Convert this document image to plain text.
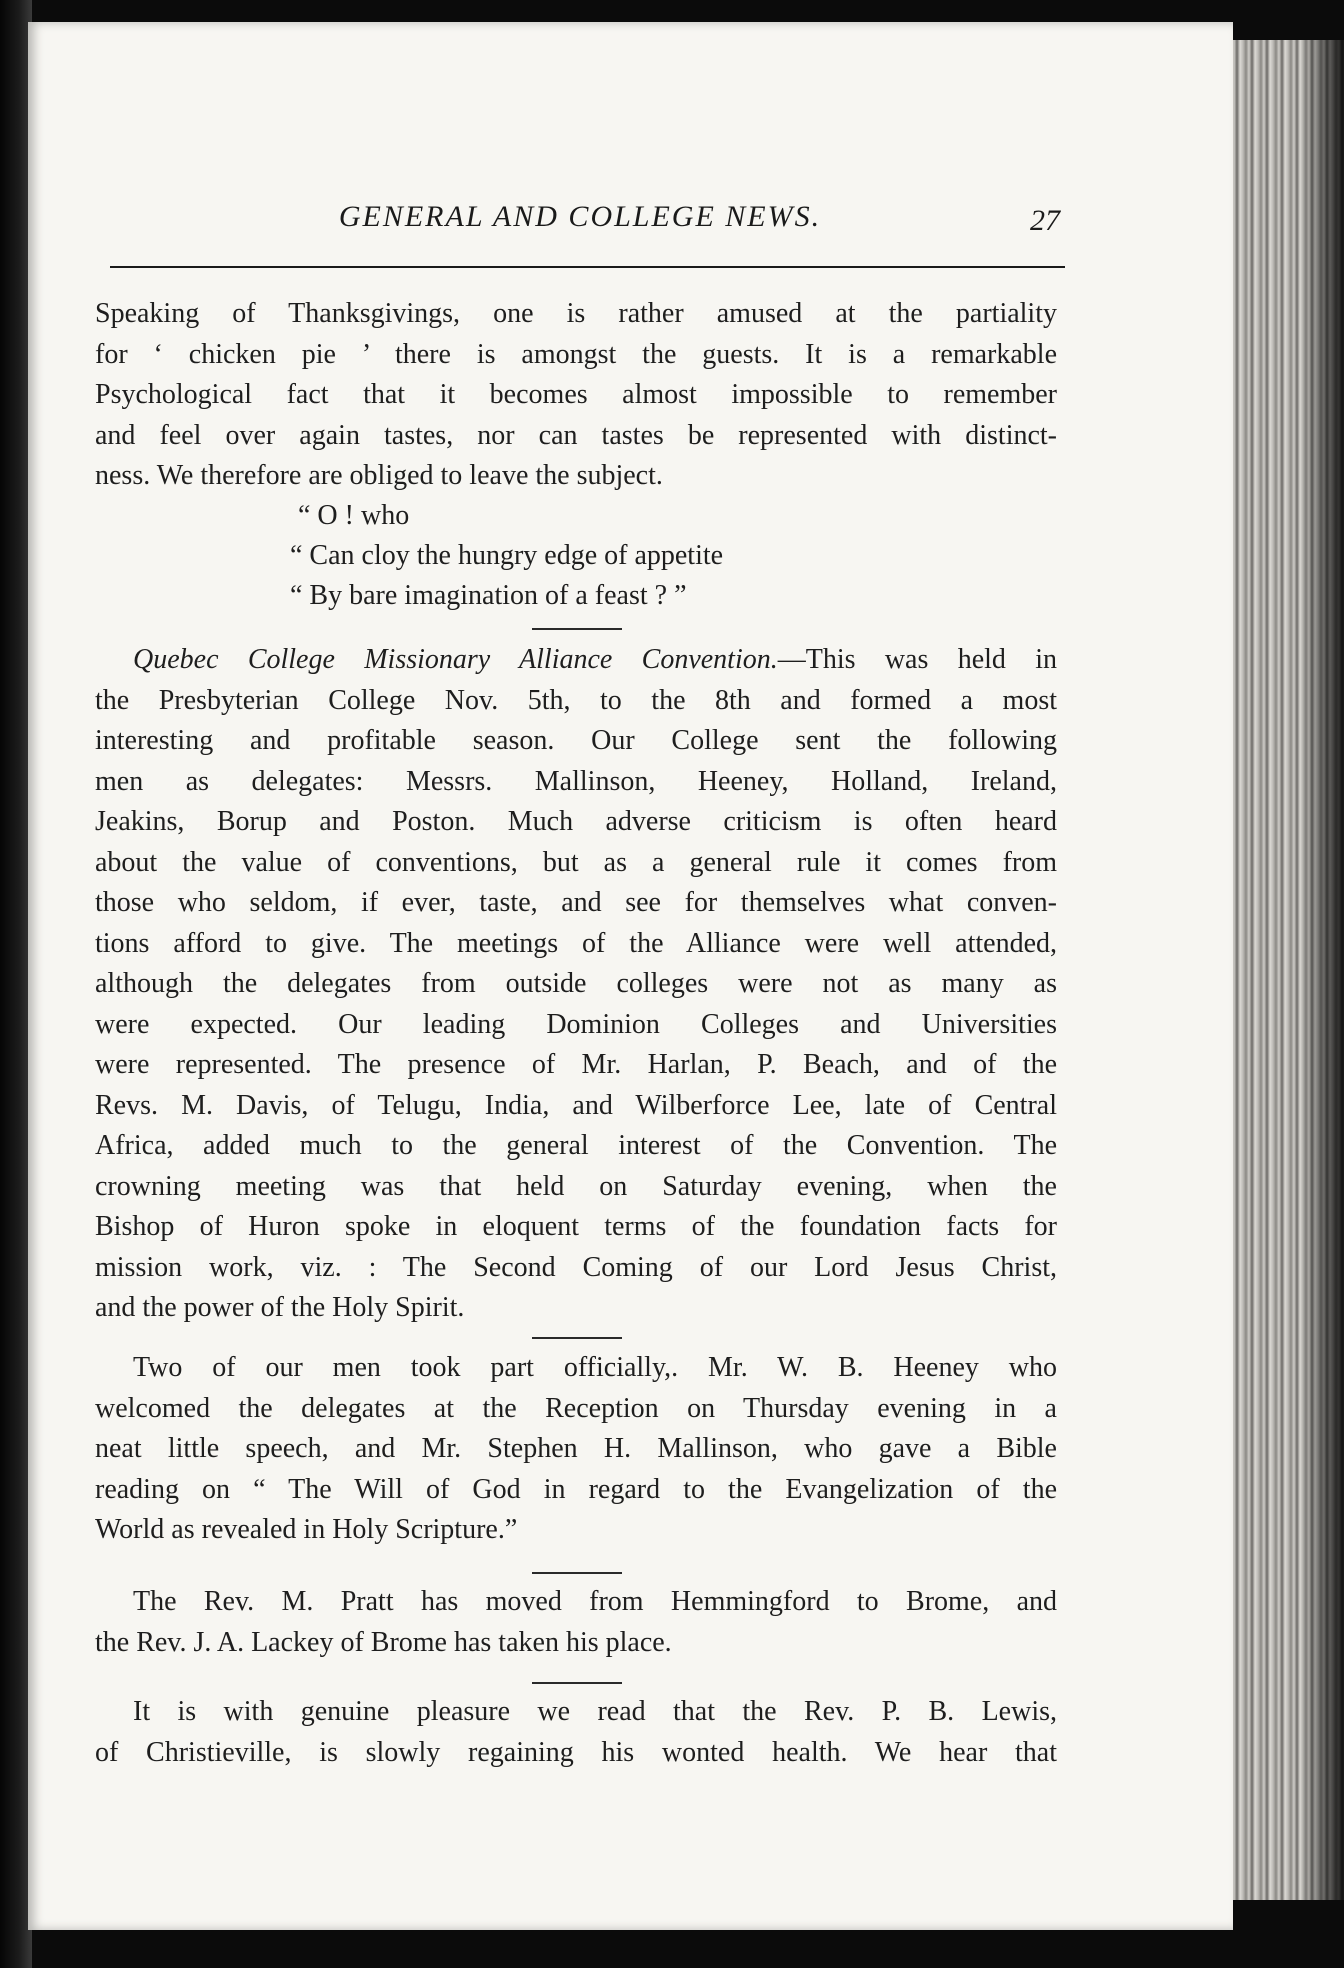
GENERAL AND COLLEGE NEWS.	27
Speaking of Thanksgivings, one is rather amused at the partiality
for ‘ chicken pie ’ there is amongst the guests. It is a remarkable
Psychological fact that it becomes almost impossible to remember
and feel over again tastes, nor can tastes be represented with distinct-
ness. We therefore are obliged to leave the subject.
“ O ! who
“ Can cloy the hungry edge of appetite
“ By bare imagination of a feast ? ”
Quebec College Missionary Alliance Convention.—This was held in
the Presbyterian College Nov. 5th, to the 8th and formed a most
interesting and profitable season. Our College sent the following
men as delegates: Messrs. Mallinson, Heeney, Holland, Ireland,
Jeakins, Borup and Poston. Much adverse criticism is often heard
about the value of conventions, but as a general rule it comes from
those who seldom, if ever, taste, and see for themselves what conven-
tions afford to give. The meetings of the Alliance were well attended,
although the delegates from outside colleges were not as many as
were expected. Our leading Dominion Colleges and Universities
were represented. The presence of Mr. Harlan, P. Beach, and of the
Revs. M. Davis, of Telugu, India, and Wilberforce Lee, late of Central
Africa, added much to the general interest of the Convention. The
crowning meeting was that held on Saturday evening, when the
Bishop of Huron spoke in eloquent terms of the foundation facts for
mission work, viz. : The Second Coming of our Lord Jesus Christ,
and the power of the Holy Spirit.
Two of our men took part officially,. Mr. W. B. Heeney who
welcomed the delegates at the Reception on Thursday evening in a
neat little speech, and Mr. Stephen H. Mallinson, who gave a Bible
reading on “ The Will of God in regard to the Evangelization of the
World as revealed in Holy Scripture.”
The Rev. M. Pratt has moved from Hemmingford to Brome, and
the Rev. J. A. Lackey of Brome has taken his place.
It is with genuine pleasure we read that the Rev. P. B. Lewis,
of Christieville, is slowly regaining his wonted health. We hear that
